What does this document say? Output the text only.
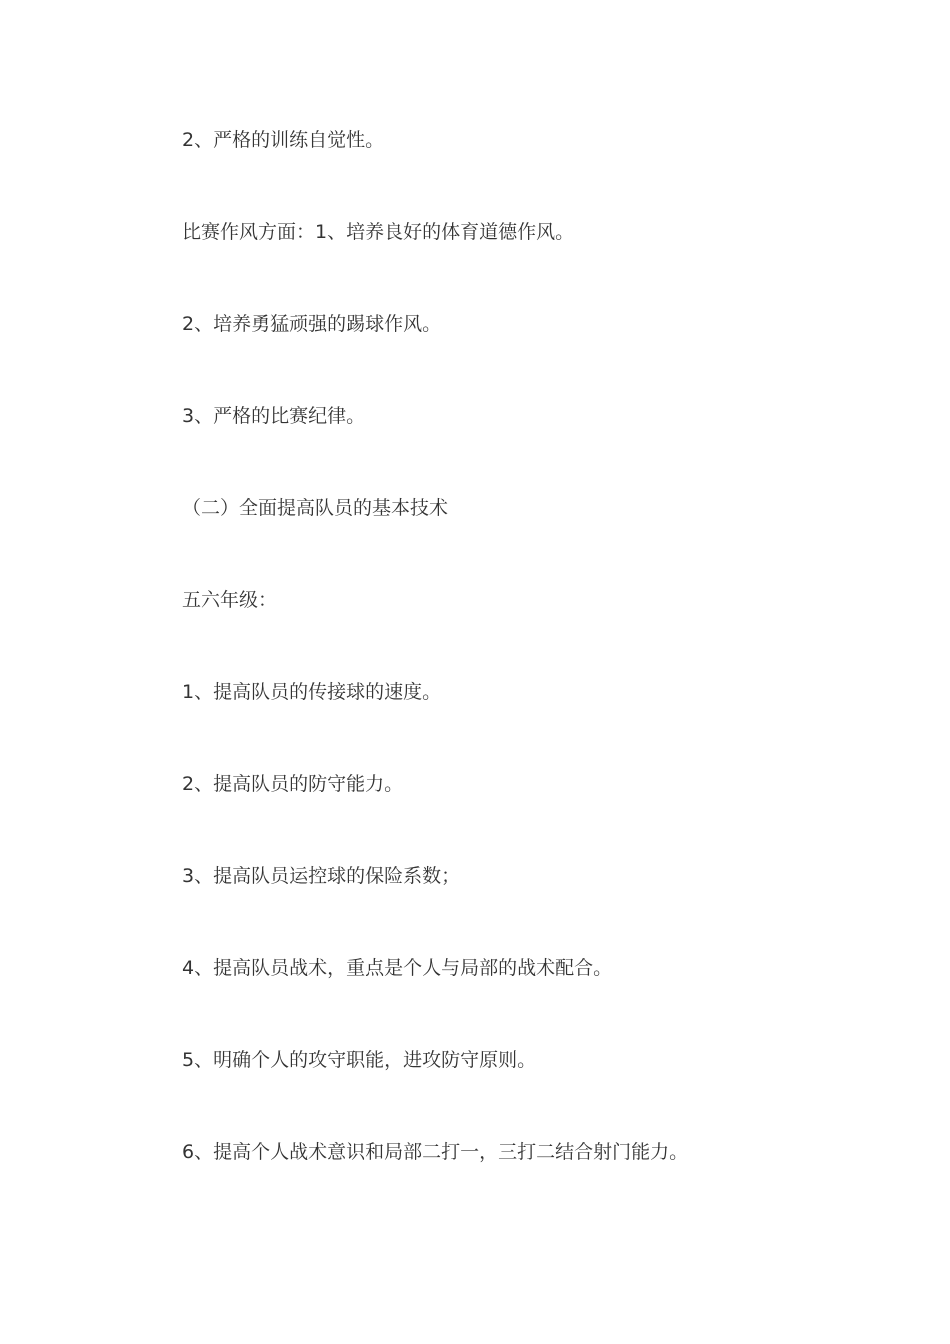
2、严格的训练自觉性。
比赛作风方面：1、培养良好的体育道德作风。
2、培养勇猛顽强的踢球作风。
3、严格的比赛纪律。
（二）全面提高队员的基本技术
五六年级：
1、提高队员的传接球的速度。
2、提高队员的防守能力。
3、提高队员运控球的保险系数；
4、提高队员战术，重点是个人与局部的战术配合。
5、明确个人的攻守职能，进攻防守原则。
6、提高个人战术意识和局部二打一，三打二结合射门能力。
